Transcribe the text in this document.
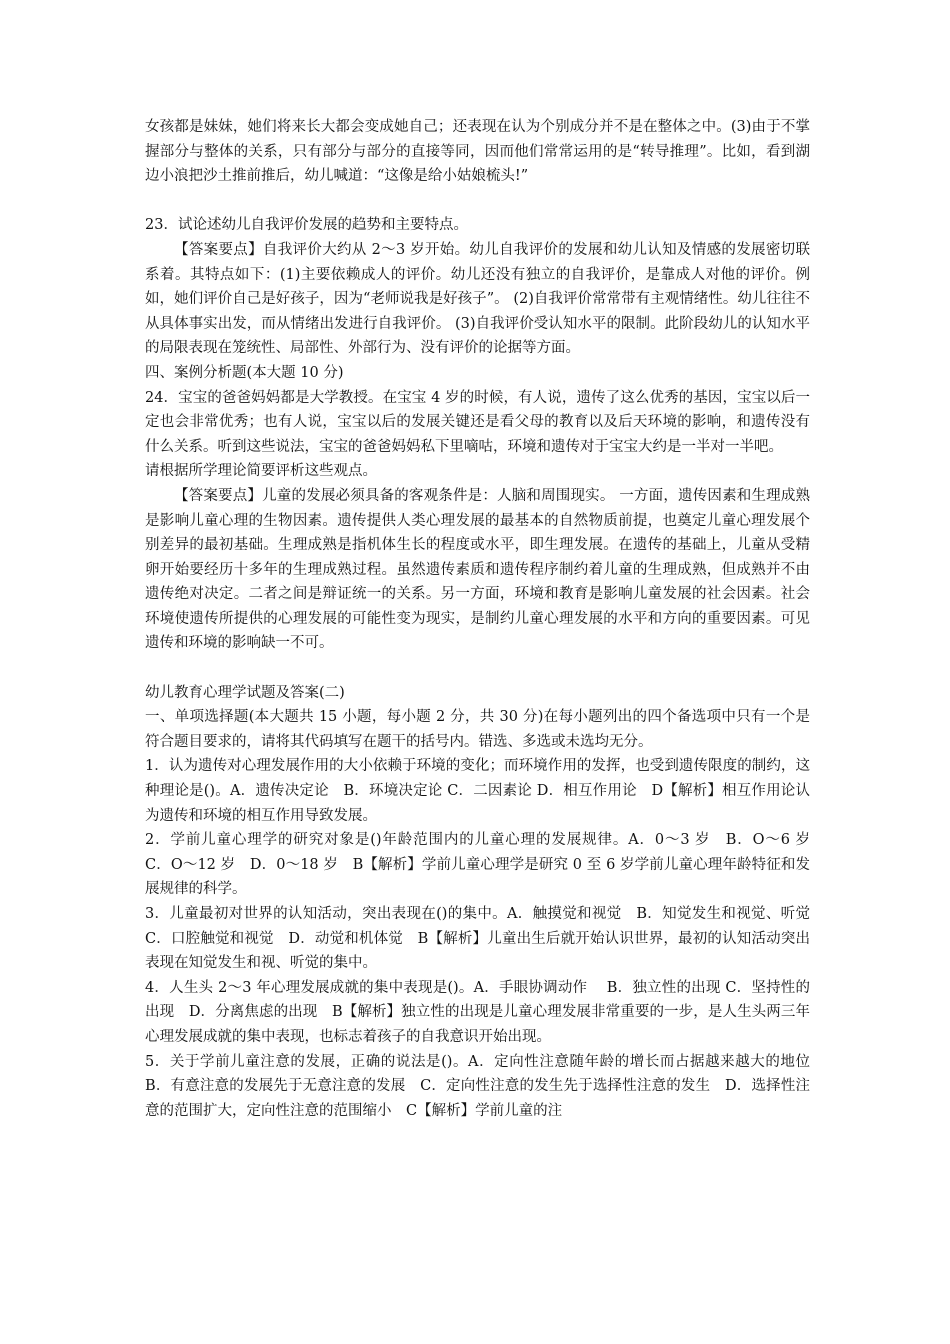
女孩都是妹妹，她们将来长大都会变成她自己；还表现在认为个别成分并不是在整体之中。(3)由于不掌握部分与整体的关系，只有部分与部分的直接等同，因而他们常常运用的是“转导推理”。比如，看到湖边小浪把沙土推前推后，幼儿喊道：“这像是给小姑娘梳头!”

23．试论述幼儿自我评价发展的趋势和主要特点。

【答案要点】自我评价大约从 2～3 岁开始。幼儿自我评价的发展和幼儿认知及情感的发展密切联系着。其特点如下：(1)主要依赖成人的评价。幼儿还没有独立的自我评价，是靠成人对他的评价。例如，她们评价自己是好孩子，因为“老师说我是好孩子”。 (2)自我评价常常带有主观情绪性。幼儿往往不从具体事实出发，而从情绪出发进行自我评价。 (3)自我评价受认知水平的限制。此阶段幼儿的认知水平的局限表现在笼统性、局部性、外部行为、没有评价的论据等方面。

四、案例分析题(本大题 10 分)

24．宝宝的爸爸妈妈都是大学教授。在宝宝 4 岁的时候，有人说，遗传了这么优秀的基因，宝宝以后一定也会非常优秀；也有人说，宝宝以后的发展关键还是看父母的教育以及后天环境的影响，和遗传没有什么关系。听到这些说法，宝宝的爸爸妈妈私下里嘀咕，环境和遗传对于宝宝大约是一半对一半吧。

请根据所学理论简要评析这些观点。

【答案要点】儿童的发展必须具备的客观条件是：人脑和周围现实。 一方面，遗传因素和生理成熟是影响儿童心理的生物因素。遗传提供人类心理发展的最基本的自然物质前提，也奠定儿童心理发展个别差异的最初基础。生理成熟是指机体生长的程度或水平，即生理发展。在遗传的基础上，儿童从受精卵开始要经历十多年的生理成熟过程。虽然遗传素质和遗传程序制约着儿童的生理成熟，但成熟并不由遗传绝对决定。二者之间是辩证统一的关系。另一方面，环境和教育是影响儿童发展的社会因素。社会环境使遗传所提供的心理发展的可能性变为现实，是制约儿童心理发展的水平和方向的重要因素。可见遗传和环境的影响缺一不可。

幼儿教育心理学试题及答案(二)

一、单项选择题(本大题共 15 小题，每小题 2 分，共 30 分)在每小题列出的四个备选项中只有一个是符合题目要求的，请将其代码填写在题干的括号内。错选、多选或未选均无分。

1．认为遗传对心理发展作用的大小依赖于环境的变化；而环境作用的发挥，也受到遗传限度的制约，这种理论是()。A．遗传决定论　B．环境决定论 C．二因素论 D．相互作用论　D【解析】相互作用论认为遗传和环境的相互作用导致发展。

2．学前儿童心理学的研究对象是()年龄范围内的儿童心理的发展规律。A．0～3 岁　B．O～6 岁　C．O～12 岁　D．0～18 岁　B【解析】学前儿童心理学是研究 0 至 6 岁学前儿童心理年龄特征和发展规律的科学。

3．儿童最初对世界的认知活动，突出表现在()的集中。A．触摸觉和视觉　B．知觉发生和视觉、听觉　C．口腔触觉和视觉　D．动觉和机体觉　B【解析】儿童出生后就开始认识世界，最初的认知活动突出表现在知觉发生和视、听觉的集中。

4．人生头 2～3 年心理发展成就的集中表现是()。A．手眼协调动作　 B．独立性的出现 C．坚持性的出现　D．分离焦虑的出现　B【解析】独立性的出现是儿童心理发展非常重要的一步，是人生头两三年心理发展成就的集中表现，也标志着孩子的自我意识开始出现。

5．关于学前儿童注意的发展，正确的说法是()。A．定向性注意随年龄的增长而占据越来越大的地位　B．有意注意的发展先于无意注意的发展　C．定向性注意的发生先于选择性注意的发生　D．选择性注意的范围扩大，定向性注意的范围缩小　C【解析】学前儿童的注
